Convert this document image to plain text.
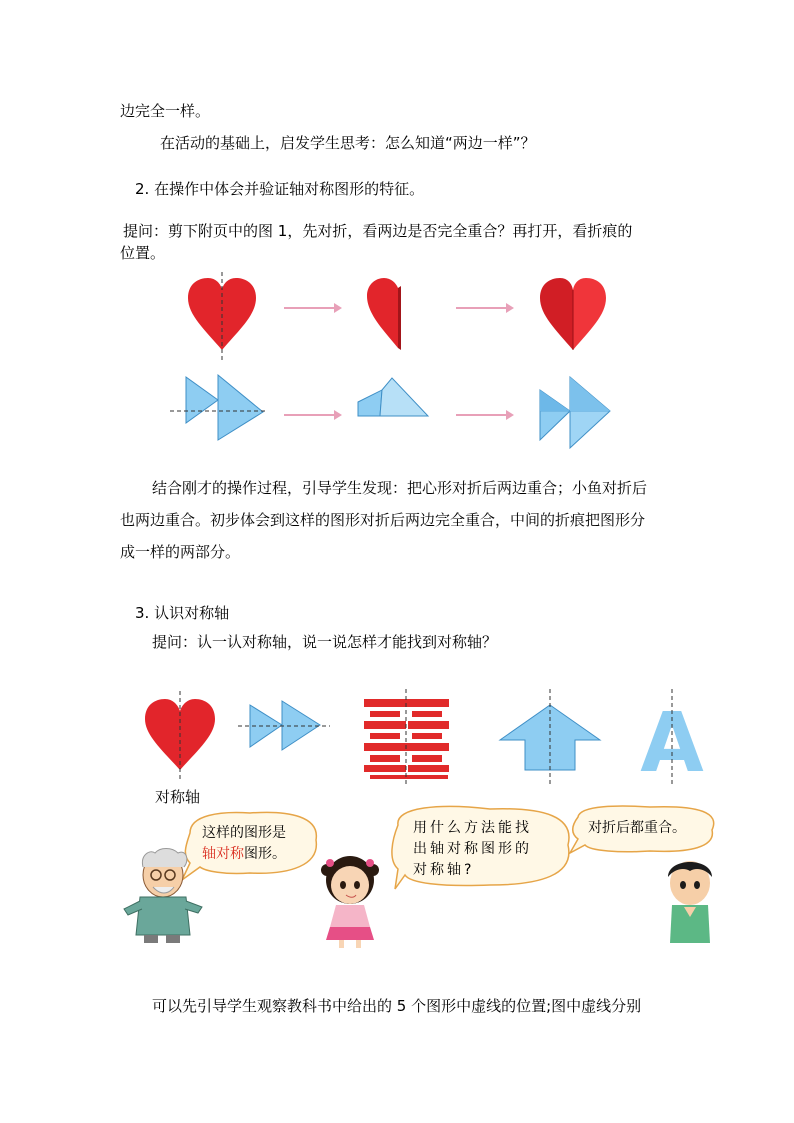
边完全一样。
在活动的基础上，启发学生思考：怎么知道“两边一样”？
2. 在操作中体会并验证轴对称图形的特征。
提问：剪下附页中的图 1，先对折，看两边是否完全重合？再打开，看折痕的
位置。
结合刚才的操作过程，引导学生发现：把心形对折后两边重合；小鱼对折后
也两边重合。初步体会到这样的图形对折后两边完全重合，中间的折痕把图形分
成一样的两部分。
3. 认识对称轴
提问：认一认对称轴，说一说怎样才能找到对称轴？
A
对称轴
这样的图形是
轴对称图形。
用什么方法能找
出轴对称图形的
对称轴?
对折后都重合。
可以先引导学生观察教科书中给出的 5 个图形中虚线的位置;图中虚线分别
